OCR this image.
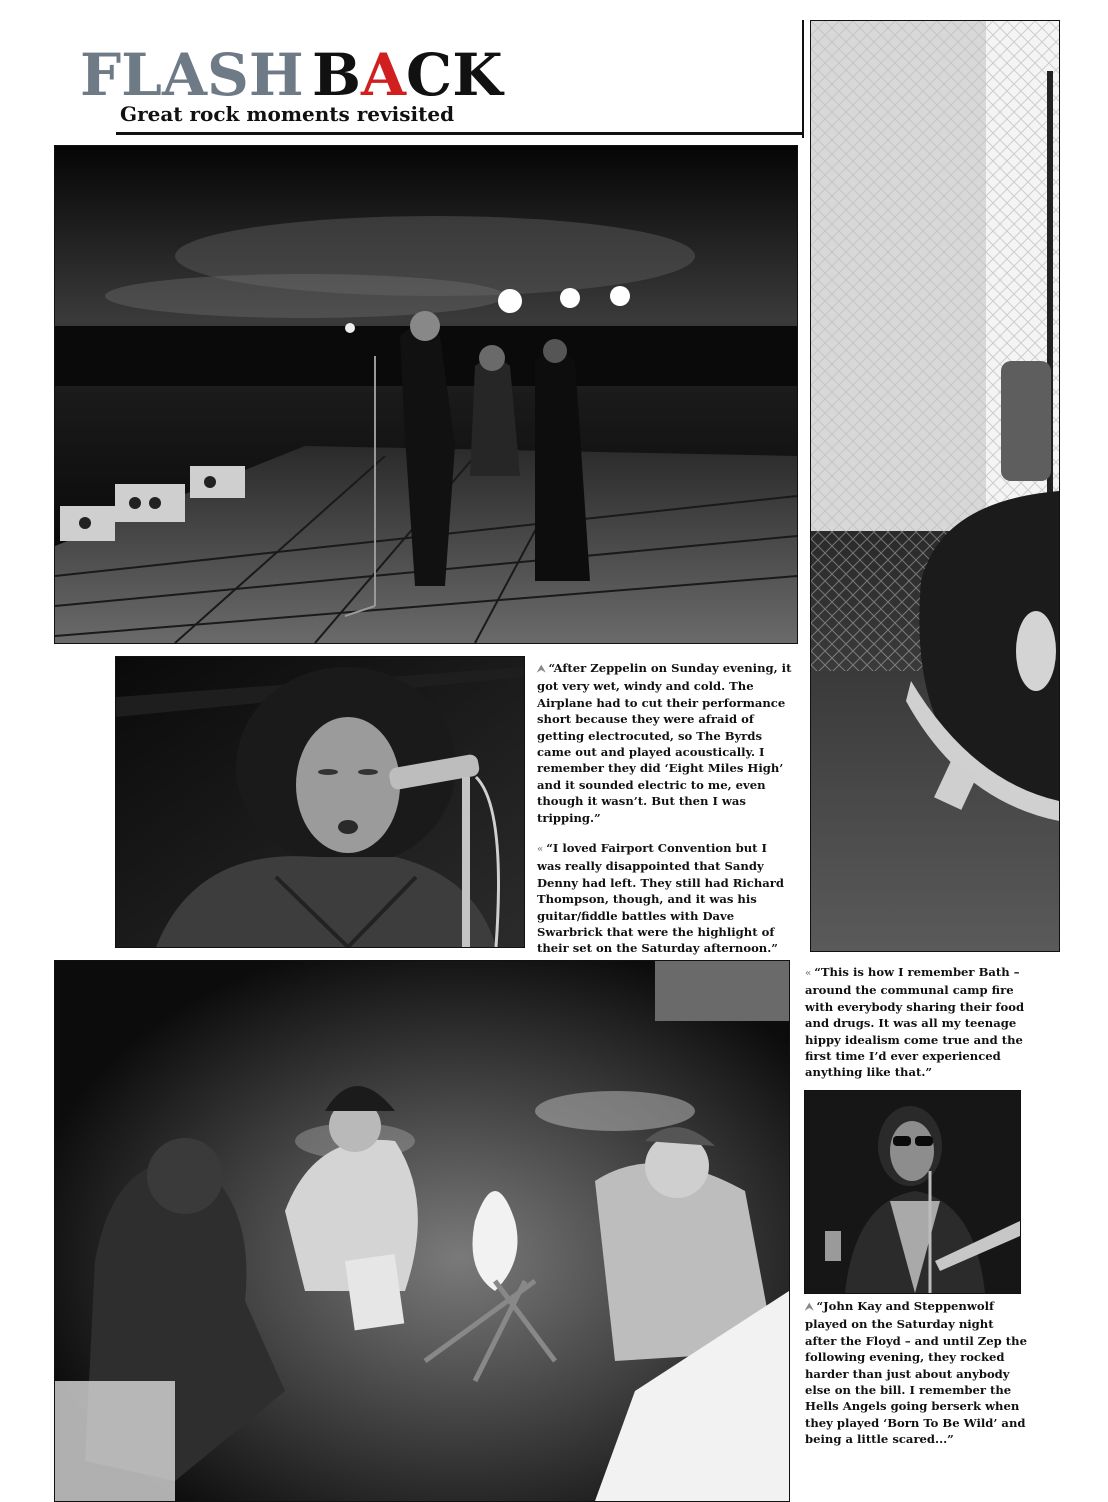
FLASH BACK
Great rock moments revisited
⮝ “After Zeppelin on Sunday evening, it got very wet, windy and cold. The Airplane had to cut their performance short because they were afraid of getting electrocuted, so The Byrds came out and played acoustically. I remember they did ‘Eight Miles High’ and it sounded electric to me, even though it wasn’t. But then I was tripping.”
« “I loved Fairport Convention but I was really disappointed that Sandy Denny had left. They still had Richard Thompson, though, and it was his guitar/fiddle battles with Dave Swarbrick that were the highlight of their set on the Saturday afternoon.”
« “This is how I remember Bath – around the communal camp fire with everybody sharing their food and drugs. It was all my teenage hippy idealism come true and the first time I’d ever experienced anything like that.”
⮝ “John Kay and Steppenwolf played on the Saturday night after the Floyd – and until Zep the following evening, they rocked harder than just about anybody else on the bill. I remember the Hells Angels going berserk when they played ‘Born To Be Wild’ and being a little scared...”
